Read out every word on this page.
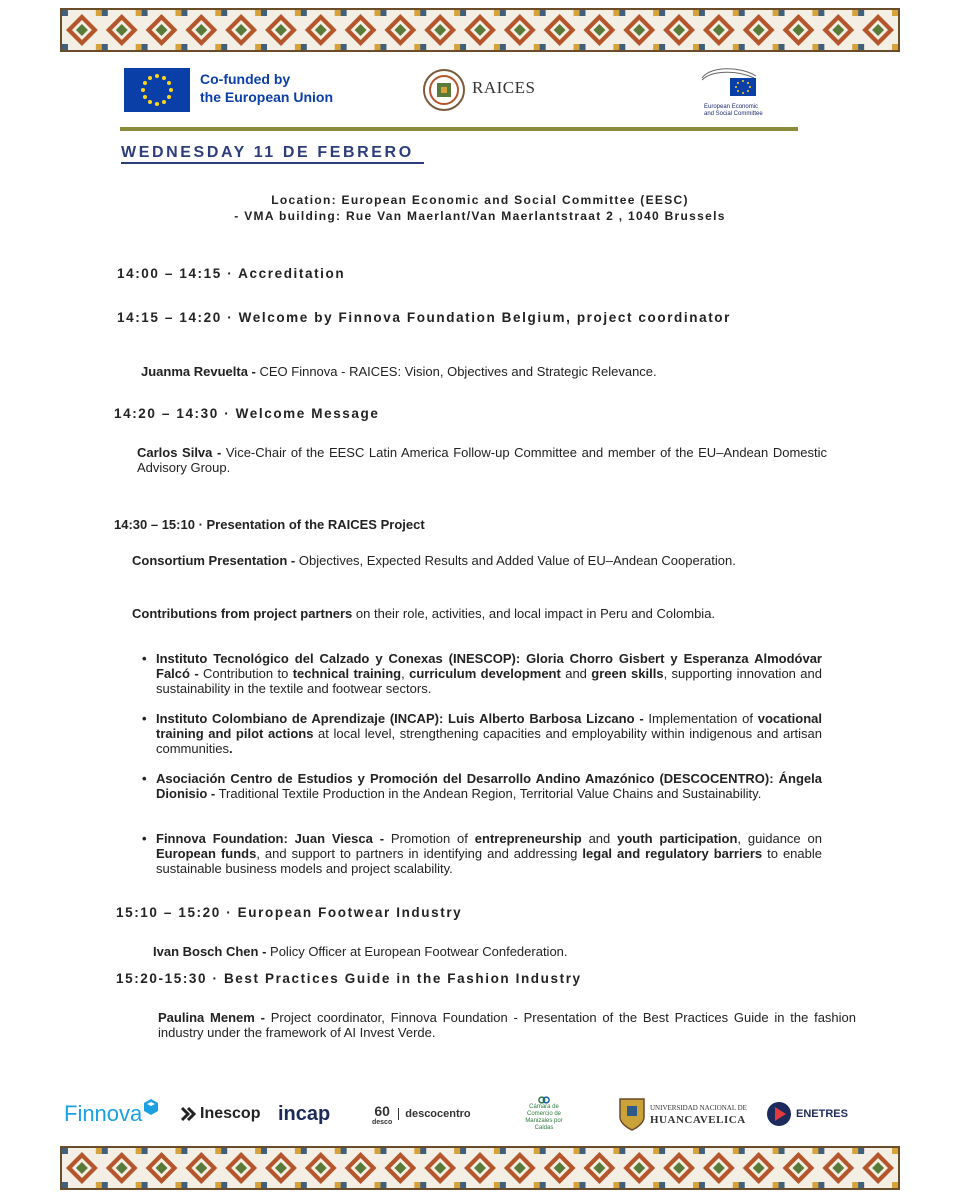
Co-funded by
the European Union	RAICES
European Economic
and Social Committee
WEDNESDAY 11 DE FEBRERO
Location: European Economic and Social Committee (EESC)
- VMA building: Rue Van Maerlant/Van Maerlantstraat 2 , 1040 Brussels
14:00 – 14:15 · Accreditation
14:15 – 14:20 · Welcome by Finnova Foundation Belgium, project coordinator
Juanma Revuelta - CEO Finnova - RAICES: Vision, Objectives and Strategic Relevance.
14:20 – 14:30 · Welcome Message
Carlos Silva - Vice-Chair of the EESC Latin America Follow-up Committee and member of the EU–Andean Domestic Advisory Group.
14:30 – 15:10 · Presentation of the RAICES Project
Consortium Presentation - Objectives, Expected Results and Added Value of EU–Andean Cooperation.
Contributions from project partners on their role, activities, and local impact in Peru and Colombia.
• Instituto Tecnológico del Calzado y Conexas (INESCOP): Gloria Chorro Gisbert y Esperanza Almodóvar Falcó - Contribution to technical training, curriculum development and green skills, supporting innovation and sustainability in the textile and footwear sectors.
• Instituto Colombiano de Aprendizaje (INCAP): Luis Alberto Barbosa Lizcano - Implementation of vocational training and pilot actions at local level, strengthening capacities and employability within indigenous and artisan communities.
• Asociación Centro de Estudios y Promoción del Desarrollo Andino Amazónico (DESCOCENTRO): Ángela Dionisio - Traditional Textile Production in the Andean Region, Territorial Value Chains and Sustainability.
• Finnova Foundation: Juan Viesca - Promotion of entrepreneurship and youth participation, guidance on European funds, and support to partners in identifying and addressing legal and regulatory barriers to enable sustainable business models and project scalability.
15:10 – 15:20 · European Footwear Industry
Ivan Bosch Chen - Policy Officer at European Footwear Confederation.
15:20-15:30 · Best Practices Guide in the Fashion Industry
Paulina Menem - Project coordinator, Finnova Foundation - Presentation of the Best Practices Guide in the fashion industry under the framework of AI Invest Verde.
Finnova	Inescop incap	60
desco
descocentro
Cámara de Comercio de Manizales por Caldas
UNIVERSIDAD NACIONAL DE
HUANCAVELICA	ENETRES
